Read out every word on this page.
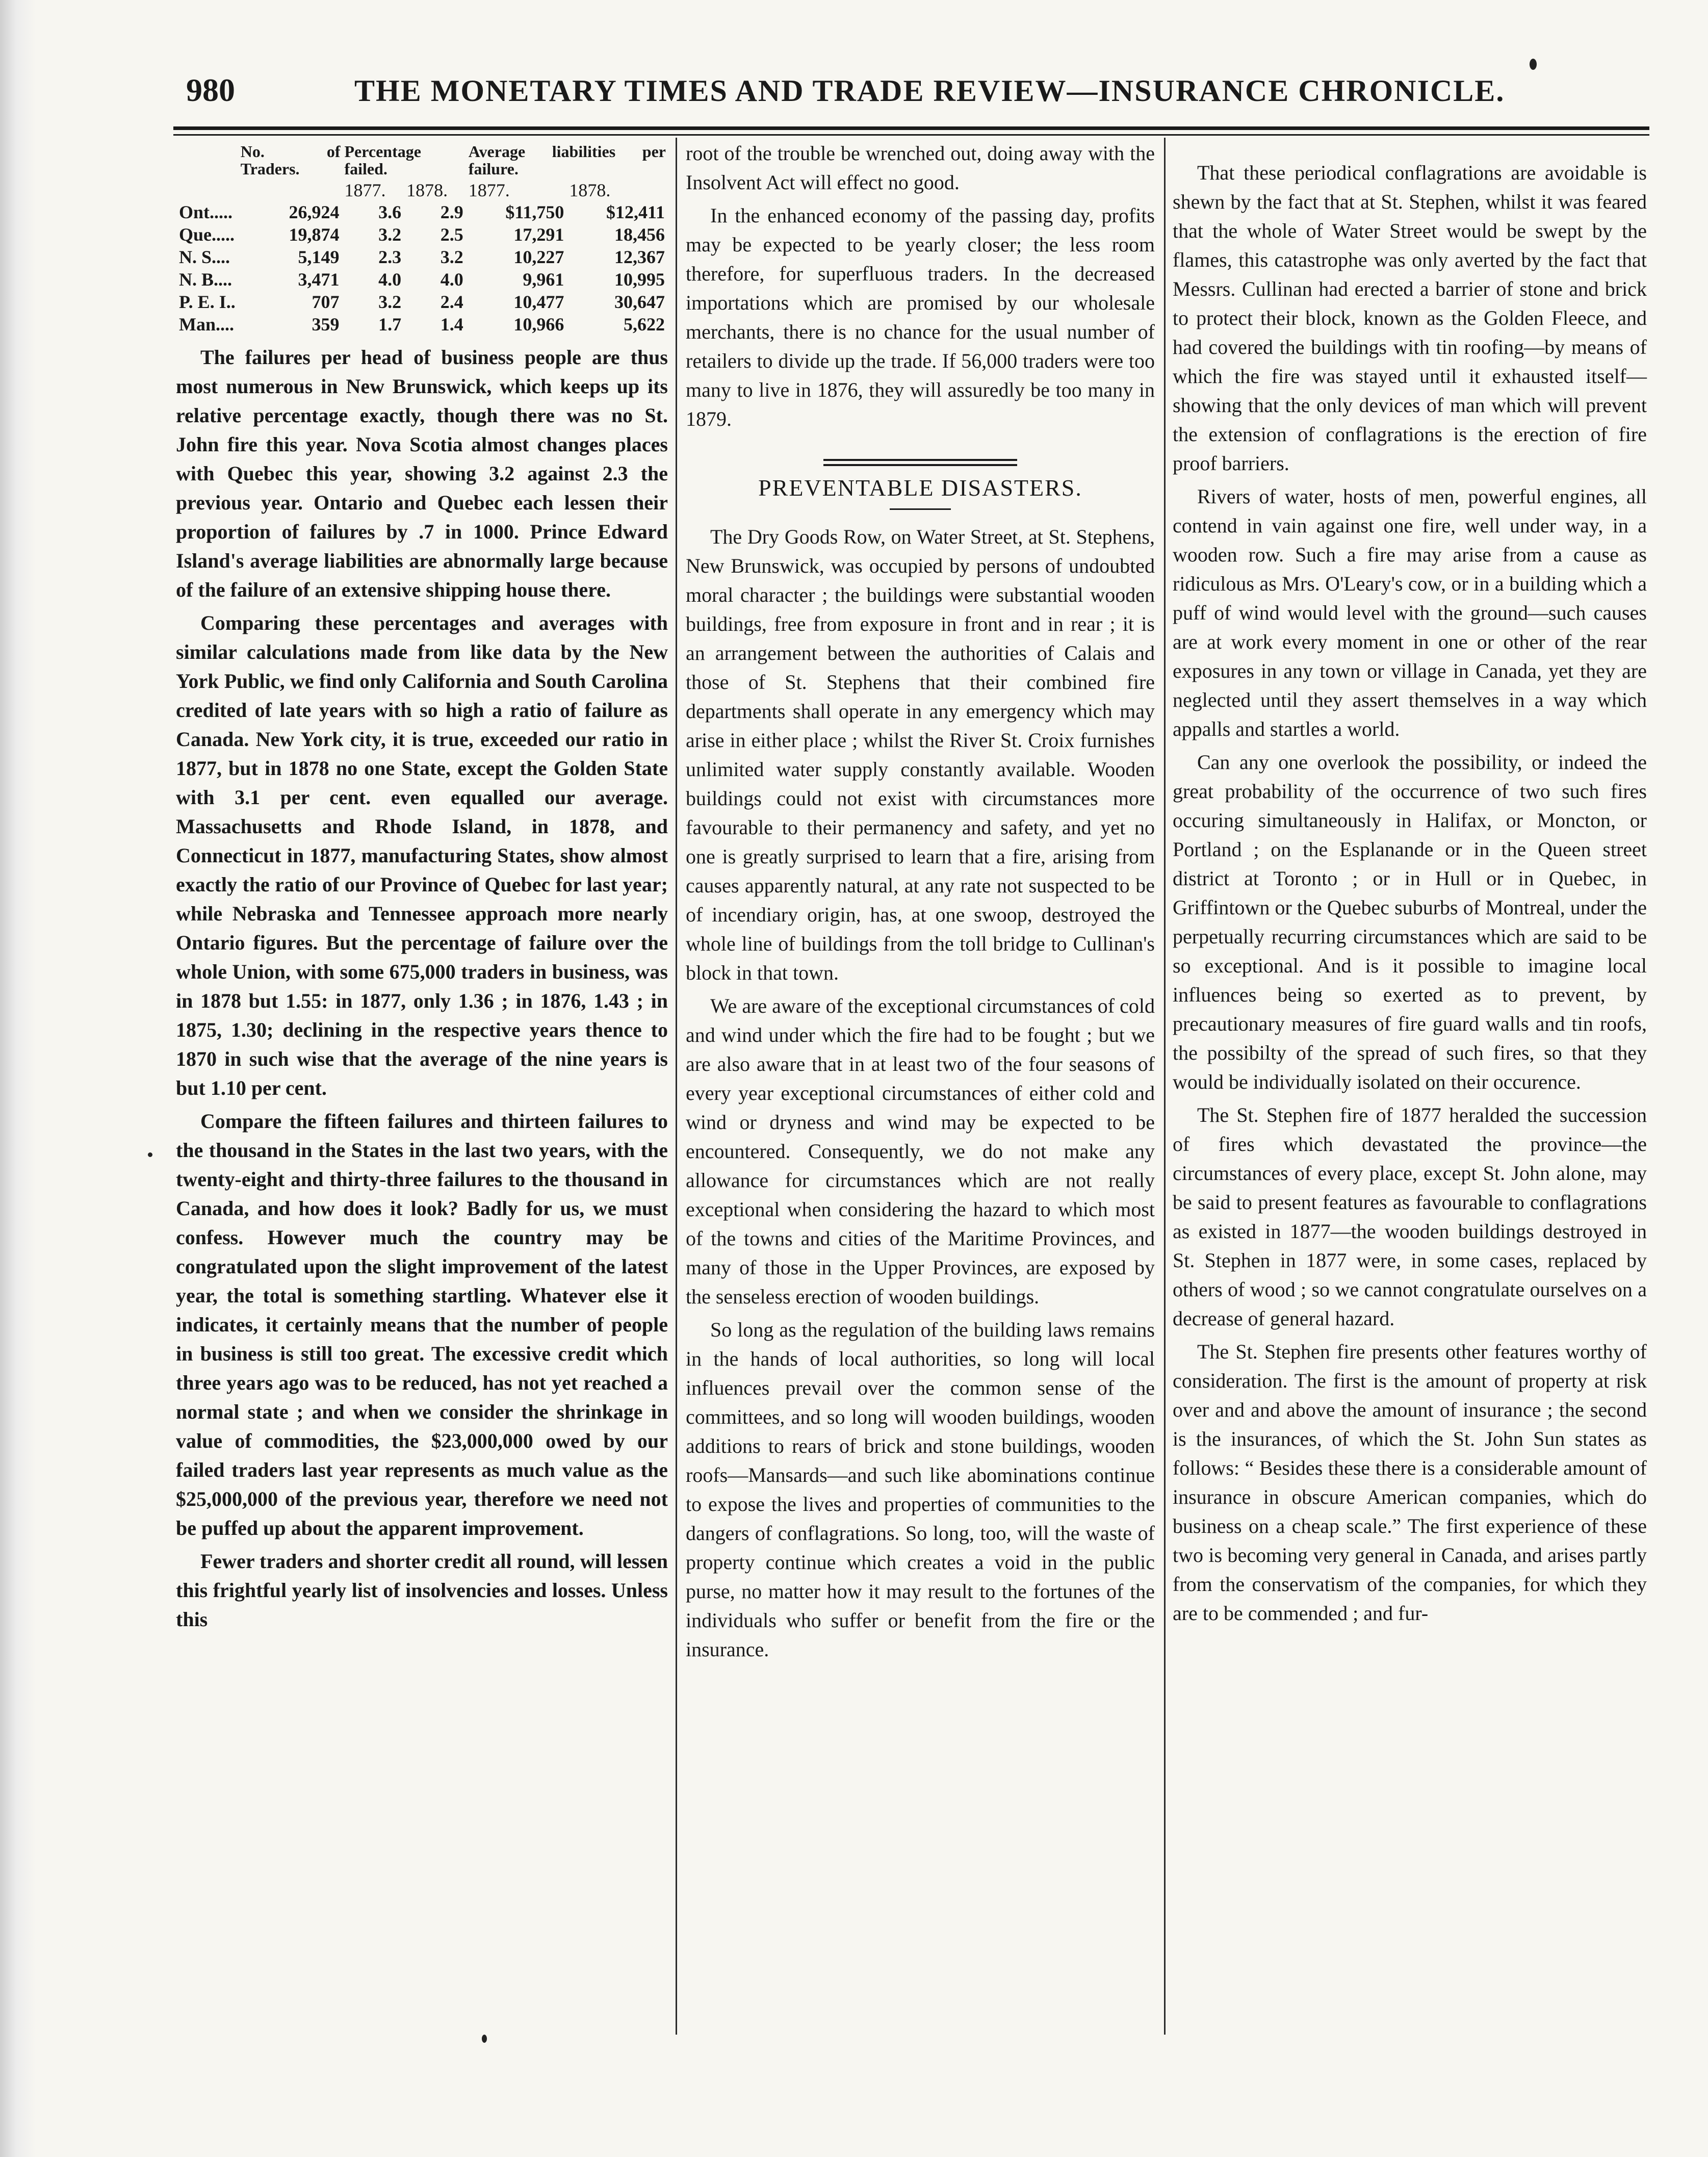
980	THE MONETARY TIMES AND TRADE REVIEW—INSURANCE CHRONICLE.
	No. of Traders.	Percentage failed.		Average liabilities per failure.	
		1877.	1878.	1877.	1878.
Ont.....	26,924	3.6	2.9	$11,750	$12,411
Que.....	19,874	3.2	2.5	17,291	18,456
N. S....	5,149	2.3	3.2	10,227	12,367
N. B....	3,471	4.0	4.0	9,961	10,995
P. E. I..	707	3.2	2.4	10,477	30,647
Man....	359	1.7	1.4	10,966	5,622

The failures per head of business people are thus most numerous in New Brunswick, which keeps up its relative percentage exactly, though there was no St. John fire this year. Nova Scotia almost changes places with Quebec this year, showing 3.2 against 2.3 the previous year. Ontario and Quebec each lessen their proportion of failures by .7 in 1000. Prince Edward Island's average liabilities are abnormally large because of the failure of an extensive shipping house there.

Comparing these percentages and averages with similar calculations made from like data by the New York Public, we find only California and South Carolina credited of late years with so high a ratio of failure as Canada. New York city, it is true, exceeded our ratio in 1877, but in 1878 no one State, except the Golden State with 3.1 per cent. even equalled our average. Massachusetts and Rhode Island, in 1878, and Connecticut in 1877, manufacturing States, show almost exactly the ratio of our Province of Quebec for last year; while Nebraska and Tennessee approach more nearly Ontario figures. But the percentage of failure over the whole Union, with some 675,000 traders in business, was in 1878 but 1.55: in 1877, only 1.36 ; in 1876, 1.43 ; in 1875, 1.30; declining in the respective years thence to 1870 in such wise that the average of the nine years is but 1.10 per cent.

Compare the fifteen failures and thirteen failures to the thousand in the States in the last two years, with the twenty-eight and thirty-three failures to the thousand in Canada, and how does it look? Badly for us, we must confess. However much the country may be congratulated upon the slight improvement of the latest year, the total is something startling. Whatever else it indicates, it certainly means that the number of people in business is still too great. The excessive credit which three years ago was to be reduced, has not yet reached a normal state ; and when we consider the shrinkage in value of commodities, the $23,000,000 owed by our failed traders last year represents as much value as the $25,000,000 of the previous year, therefore we need not be puffed up about the apparent improvement.

Fewer traders and shorter credit all round, will lessen this frightful yearly list of insolvencies and losses. Unless this

root of the trouble be wrenched out, doing away with the Insolvent Act will effect no good.

In the enhanced economy of the passing day, profits may be expected to be yearly closer; the less room therefore, for superfluous traders. In the decreased importations which are promised by our wholesale merchants, there is no chance for the usual number of retailers to divide up the trade. If 56,000 traders were too many to live in 1876, they will assuredly be too many in 1879.

PREVENTABLE DISASTERS.

The Dry Goods Row, on Water Street, at St. Stephens, New Brunswick, was occupied by persons of undoubted moral character ; the buildings were substantial wooden buildings, free from exposure in front and in rear ; it is an arrangement between the authorities of Calais and those of St. Stephens that their combined fire departments shall operate in any emergency which may arise in either place ; whilst the River St. Croix furnishes unlimited water supply constantly available. Wooden buildings could not exist with circumstances more favourable to their permanency and safety, and yet no one is greatly surprised to learn that a fire, arising from causes apparently natural, at any rate not suspected to be of incendiary origin, has, at one swoop, destroyed the whole line of buildings from the toll bridge to Cullinan's block in that town.

We are aware of the exceptional circumstances of cold and wind under which the fire had to be fought ; but we are also aware that in at least two of the four seasons of every year exceptional circumstances of either cold and wind or dryness and wind may be expected to be encountered. Consequently, we do not make any allowance for circumstances which are not really exceptional when considering the hazard to which most of the towns and cities of the Maritime Provinces, and many of those in the Upper Provinces, are exposed by the senseless erection of wooden buildings.

So long as the regulation of the building laws remains in the hands of local authorities, so long will local influences prevail over the common sense of the committees, and so long will wooden buildings, wooden additions to rears of brick and stone buildings, wooden roofs—Mansards—and such like abominations continue to expose the lives and properties of communities to the dangers of conflagrations. So long, too, will the waste of property continue which creates a void in the public purse, no matter how it may result to the fortunes of the individuals who suffer or benefit from the fire or the insurance.

That these periodical conflagrations are avoidable is shewn by the fact that at St. Stephen, whilst it was feared that the whole of Water Street would be swept by the flames, this catastrophe was only averted by the fact that Messrs. Cullinan had erected a barrier of stone and brick to protect their block, known as the Golden Fleece, and had covered the buildings with tin roofing—by means of which the fire was stayed until it exhausted itself—showing that the only devices of man which will prevent the extension of conflagrations is the erection of fire proof barriers.

Rivers of water, hosts of men, powerful engines, all contend in vain against one fire, well under way, in a wooden row. Such a fire may arise from a cause as ridiculous as Mrs. O'Leary's cow, or in a building which a puff of wind would level with the ground—such causes are at work every moment in one or other of the rear exposures in any town or village in Canada, yet they are neglected until they assert themselves in a way which appalls and startles a world.

Can any one overlook the possibility, or indeed the great probability of the occurrence of two such fires occuring simultaneously in Halifax, or Moncton, or Portland ; on the Esplanande or in the Queen street district at Toronto ; or in Hull or in Quebec, in Griffintown or the Quebec suburbs of Montreal, under the perpetually recurring circumstances which are said to be so exceptional. And is it possible to imagine local influences being so exerted as to prevent, by precautionary measures of fire guard walls and tin roofs, the possibilty of the spread of such fires, so that they would be individually isolated on their occurence.

The St. Stephen fire of 1877 heralded the succession of fires which devastated the province—the circumstances of every place, except St. John alone, may be said to present features as favourable to conflagrations as existed in 1877—the wooden buildings destroyed in St. Stephen in 1877 were, in some cases, replaced by others of wood ; so we cannot congratulate ourselves on a decrease of general hazard.

The St. Stephen fire presents other features worthy of consideration. The first is the amount of property at risk over and and above the amount of insurance ; the second is the insurances, of which the St. John Sun states as follows: “ Besides these there is a considerable amount of insurance in obscure American companies, which do business on a cheap scale.” The first experience of these two is becoming very general in Canada, and arises partly from the conservatism of the companies, for which they are to be commended ; and fur-
